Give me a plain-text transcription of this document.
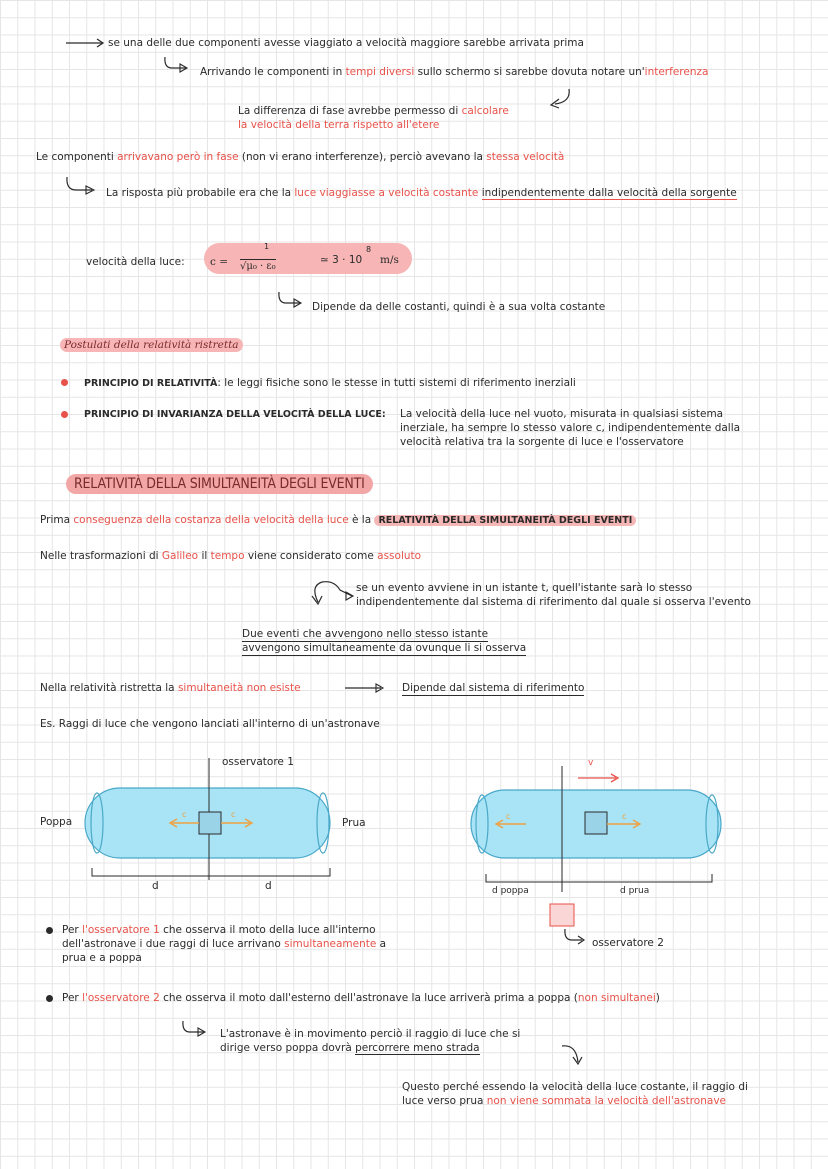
se una delle due componenti avesse viaggiato a velocità maggiore sarebbe arrivata prima
Arrivando le componenti in tempi diversi sullo schermo si sarebbe dovuta notare un'interferenza
La differenza di fase avrebbe permesso di calcolare
la velocità della terra rispetto all'etere
Le componenti arrivavano però in fase (non vi erano interferenze), perciò avevano la stessa velocità
La risposta più probabile era che la luce viaggiasse a velocità costante indipendentemente dalla velocità della sorgente
velocità della luce: c =
1
√μ₀ · ε₀
≃ 3 · 10
8
m/s
Dipende da delle costanti, quindi è a sua volta costante
Postulati della relatività ristretta
PRINCIPIO DI RELATIVITÀ: le leggi fisiche sono le stesse in tutti sistemi di riferimento inerziali
PRINCIPIO DI INVARIANZA DELLA VELOCITÀ DELLA LUCE: La velocità della luce nel vuoto, misurata in qualsiasi sistema
inerziale, ha sempre lo stesso valore c, indipendentemente dalla
velocità relativa tra la sorgente di luce e l'osservatore
RELATIVITÀ DELLA SIMULTANEITÀ DEGLI EVENTI
Prima conseguenza della costanza della velocità della luce è la RELATIVITÀ DELLA SIMULTANEITÀ DEGLI EVENTI
Nelle trasformazioni di Galileo il tempo viene considerato come assoluto
se un evento avviene in un istante t, quell'istante sarà lo stesso
indipendentemente dal sistema di riferimento dal quale si osserva l'evento
Due eventi che avvengono nello stesso istante
avvengono simultaneamente da ovunque li si osserva
Nella relatività ristretta la simultaneità non esiste	Dipende dal sistema di riferimento
Es. Raggi di luce che vengono lanciati all'interno di un'astronave
osservatore 1
Poppa	Prua
c	c
d	d
v
c	c
d poppa	d prua
osservatore 2
Per l'osservatore 1 che osserva il moto della luce all'interno
dell'astronave i due raggi di luce arrivano simultaneamente a
prua e a poppa
Per l'osservatore 2 che osserva il moto dall'esterno dell'astronave la luce arriverà prima a poppa (non simultanei)
L'astronave è in movimento perciò il raggio di luce che si
dirige verso poppa dovrà percorrere meno strada
Questo perché essendo la velocità della luce costante, il raggio di
luce verso prua non viene sommata la velocità dell'astronave
